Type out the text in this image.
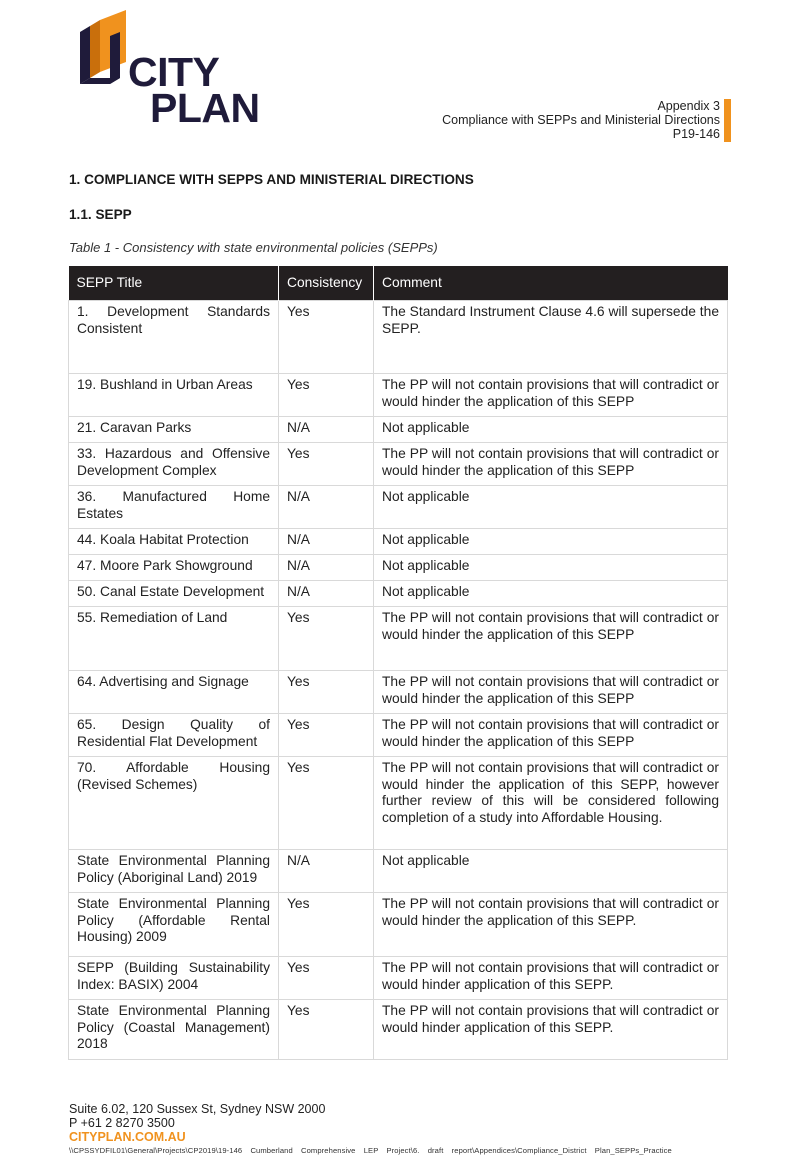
CITY
PLAN	Appendix 3
Compliance with SEPPs and Ministerial Directions
P19-146
1. COMPLIANCE WITH SEPPS AND MINISTERIAL DIRECTIONS
1.1. SEPP
Table 1 - Consistency with state environmental policies (SEPPs)
SEPP Title	Consistency	Comment
1. Development Standards Consistent	Yes	The Standard Instrument Clause 4.6 will supersede the SEPP.
19. Bushland in Urban Areas	Yes	The PP will not contain provisions that will contradict or would hinder the application of this SEPP
21. Caravan Parks	N/A	Not applicable
33. Hazardous and Offensive Development Complex	Yes	The PP will not contain provisions that will contradict or would hinder the application of this SEPP
36. Manufactured Home Estates	N/A	Not applicable
44. Koala Habitat Protection	N/A	Not applicable
47. Moore Park Showground	N/A	Not applicable
50. Canal Estate Development	N/A	Not applicable
55. Remediation of Land	Yes	The PP will not contain provisions that will contradict or would hinder the application of this SEPP
64. Advertising and Signage	Yes	The PP will not contain provisions that will contradict or would hinder the application of this SEPP
65. Design Quality of Residential Flat Development	Yes	The PP will not contain provisions that will contradict or would hinder the application of this SEPP
70. Affordable Housing (Revised Schemes)	Yes	The PP will not contain provisions that will contradict or would hinder the application of this SEPP, however further review of this will be considered following completion of a study into Affordable Housing.
State Environmental Planning Policy (Aboriginal Land) 2019	N/A	Not applicable
State Environmental Planning Policy (Affordable Rental Housing) 2009	Yes	The PP will not contain provisions that will contradict or would hinder the application of this SEPP.
SEPP (Building Sustainability Index: BASIX) 2004	Yes	The PP will not contain provisions that will contradict or would hinder application of this SEPP.
State Environmental Planning Policy (Coastal Management) 2018	Yes	The PP will not contain provisions that will contradict or would hinder application of this SEPP.
Suite 6.02, 120 Sussex St, Sydney NSW 2000
P +61 2 8270 3500
CITYPLAN.COM.AU
\\CPSSYDFIL01\General\Projects\CP2019\19-146 Cumberland Comprehensive LEP Project\6. draft report\Appendices\Compliance_District Plan_SEPPs_Practice
